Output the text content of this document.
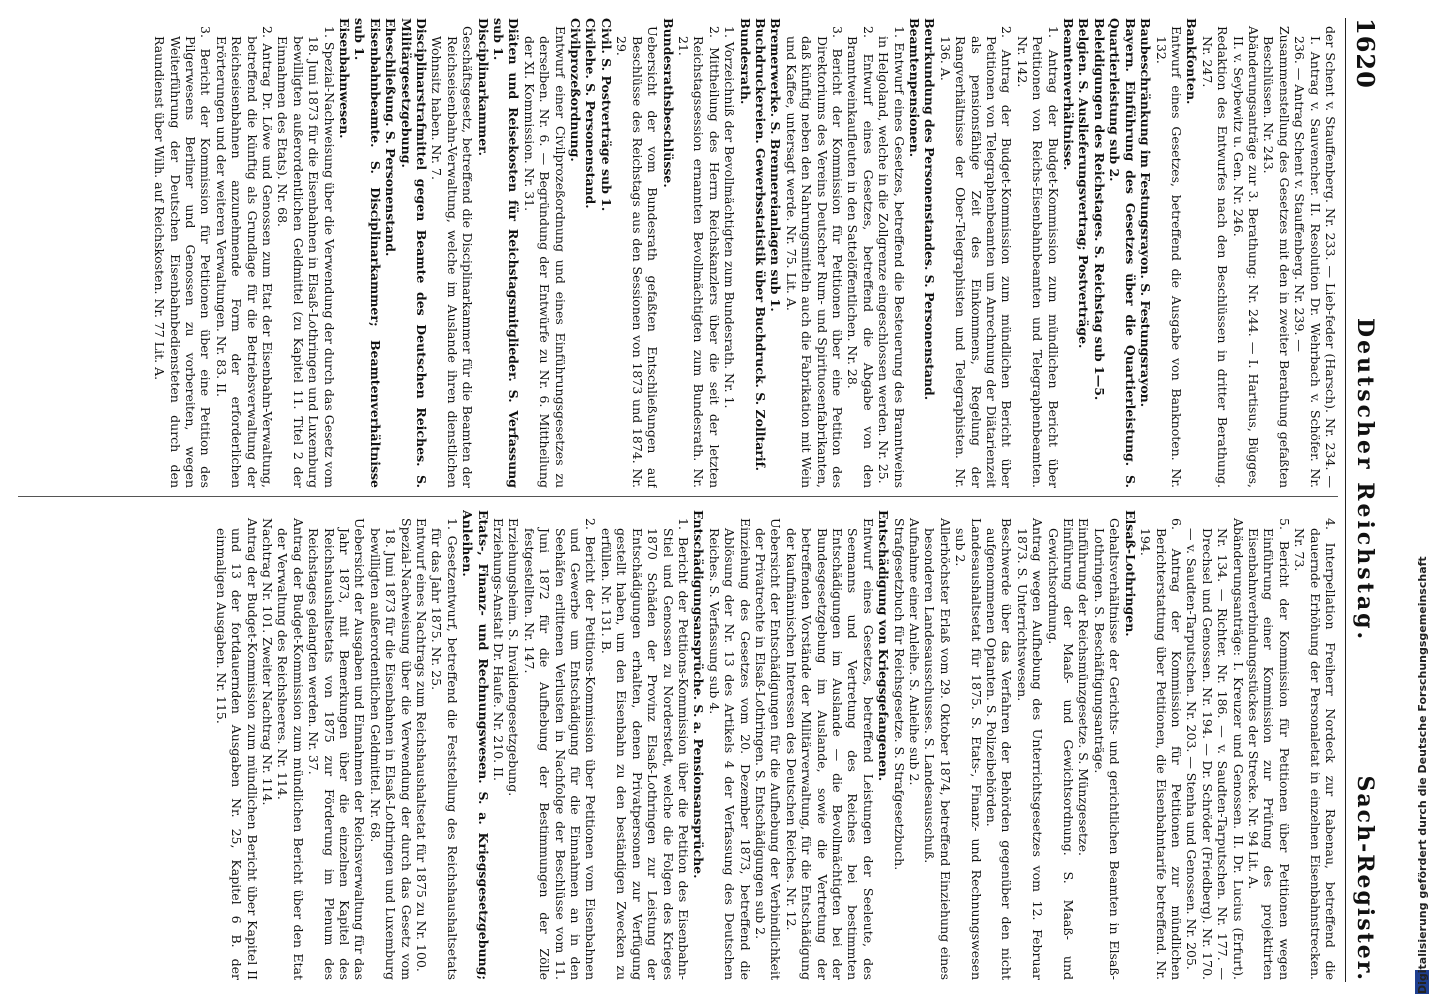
1620
Deutscher Reichstag.
Sach-Register.

der Schent v. Stauffenberg. Nr. 233. — Lieb-feder (Harsch). Nr. 234. — I. Antrag v. Sauvencher. II. Resolution Dr. Wehrbach v. Schöfer. Nr. 236. — Antrag Schent v. Stauffenberg. Nr. 239. —

Zusammenstellung des Gesetzes mit den in zweiter Berathung gefaßten Beschlüssen. Nr. 243.

Abänderungsanträge zur 3. Berathung: Nr. 244. — I. Hartisus, Bügges, II. v. Seybewitz u. Gen. Nr. 246.

Redaktion des Entwurfes nach den Beschlüssen in dritter Berathung. Nr. 247.

Bankfonten.

Entwurf eines Gesetzes, betreffend die Ausgabe von Banknoten. Nr. 132.

Baubeschränkung im Festungsrayon. S. Festungsrayon.

Bayern. Einführung des Gesetzes über die Quartierleistung. S. Quartierleistung sub 2.

Beleidigungen des Reichstages. S. Reichstag sub 1—5.

Belgien. S. Auslieferungsvertrag; Postverträge.

Beamtenverhältnisse.

1. Antrag der Budget-Kommission zum mündlichen Bericht über Petitionen von Reichs-Eisenbahnbeamten und Telegraphenbeamten. Nr. 142.

2. Antrag der Budget-Kommission zum mündlichen Bericht über Petitionen von Telegraphenbeamten um Anrechnung der Diätarienzeit als pensionsfähige Zeit des Einkommens, Regelung der Rangverhältnisse der Ober-Telegraphisten und Telegraphisten. Nr. 136. A.

Beurkundung des Personenstandes. S. Personenstand.

Beamtenpensionen.

1. Entwurf eines Gesetzes, betreffend die Besteuerung des Branntweins in Helgoland, welche in die Zollgrenze eingeschlossen werden. Nr. 25.

2. Entwurf eines Gesetzes, betreffend die Abgabe von den Branntweinkaufleuten in den Sattelöffentlichen. Nr. 28.

3. Bericht der Kommission für Petitionen über eine Petition des Direktoriums des Vereins Deutscher Rum- und Spirituosenfabrikanten, daß künftig neben den Nahrungsmitteln auch die Fabrikation mit Wein und Kaffee, untersagt werde. Nr. 75. Lit. A.

Bremerwerke. S. Brennereianlagen sub 1.

Buchdruckereien. Gewerbsstatistik über Buchdruck. S. Zolltarif.

Bundesrath.

1. Vorzeichniß der Bevollmächtigten zum Bundesrath. Nr. 1.

2. Mittheilung des Herrn Reichskanzlers über die seit der letzten Reichstagssession ernannten Bevollmächtigten zum Bundesrath. Nr. 21.

Bundesrathsbeschlüsse.

Uebersicht der vom Bundesrath gefaßten Entschließungen auf Beschlüsse des Reichstags aus den Sessionen von 1873 und 1874. Nr. 29.

Civil. S. Postverträge sub 1.

Civilehe. S. Personenstand.

Civilprozeßordnung.

Entwurf einer Civilprozeßordnung und eines Einführungsgesetzes zu derselben. Nr. 6. — Begründung der Entwürfe zu Nr. 6. Mittheilung der XI. Kommission. Nr. 31.

Diäten und Reisekosten für Reichstagsmitglieder. S. Verfassung sub 1.

Disciplinarkammer.

Geschäftsgesetz, betreffend die Disciplinarkammer für die Beamten der Reichseisenbahn-Verwaltung, welche im Auslande ihren dienstlichen Wohnsitz haben. Nr. 7.

Disciplinarstrafmittel gegen Beamte des Deutschen Reiches. S. Militärgesetzgebung.

Eheschließung. S. Personenstand.

Eisenbahnbeamte. S. Disciplinarkammer; Beamtenverhältnisse sub 1.

Eisenbahnwesen.

1. Spezial-Nachweisung über die Verwendung der durch das Gesetz vom 18. Juni 1873 für die Eisenbahnen in Elsaß-Lothringen und Luxemburg bewilligten außerordentlichen Geldmittel (zu Kapitel 11. Titel 2 der Einnahmen des Etats). Nr. 68.

2. Antrag Dr. Löwe und Genossen zum Etat der Eisenbahn-Verwaltung, betreffend die künftig als Grundlage für die Betriebsverwaltung der Reichseisenbahnen anzunehmende Form der erforderlichen Erörterungen und der weiteren Verwaltungen. Nr. 83. II.

3. Bericht der Kommission für Petitionen über eine Petition des Pilgerwesens Berliner und Genossen zu vorbereiten, wegen Weiterführung der Deutschen Eisenbahnbediensteten durch den Raundienst über Wilh. auf Reichskosten. Nr. 77 Lit. A.

4. Interpellation Freiherr Nordeck zur Rabenau, betreffend die dauernde Erhöhung der Personaletat in einzelnen Eisenbahnstrecken. Nr. 73.

5. Bericht der Kommission für Petitionen über Petitionen wegen Einführung einer Kommission zur Prüfung des projektirten Eisenbahnverbindungsstückes der Strecke. Nr. 94 Lit. A.

Abänderungsanträge: I. Kreuzer und Genossen. II. Dr. Lucius (Erfurt). Nr. 134. — Richter. Nr. 186. — v. Saudten-Tarputschen. Nr. 177. — Drechsel und Genossen. Nr. 194. — Dr. Schröder (Friedberg). Nr. 170. — v. Saudten-Tarputschen. Nr. 203. — Stenha und Genossen. Nr. 205.

6. Antrag der Kommission für Petitionen zur mündlichen Berichterstattung über Petitionen, die Eisenbahntarife betreffend. Nr. 194.

Elsaß-Lothringen.

Gehaltsverhältnisse der Gerichts- und gerichtlichen Beamten in Elsaß-Lothringen. S. Beschäftigungsanträge.

Einführung der Reichsmünzgesetze. S. Münzgesetze.

Einführung der Maaß- und Gewichtsordnung. S. Maaß- und Gewichtsordnung.

Antrag wegen Aufhebung des Unterrichtsgesetzes vom 12. Februar 1873. S. Unterrichtswesen.

Beschwerde über das Verfahren der Behörden gegenüber den nicht aufgenommenen Optanten. S. Polizeibehörden.

Landesaushaltsetat für 1875. S. Etats-, Finanz- und Rechnungswesen sub 2.

Allerhöchster Erlaß vom 29. Oktober 1874, betreffend Einziehung eines besonderen Landesausschusses. S. Landesausschuß.

Aufnahme einer Anleihe. S. Anleihe sub 2.

Strafgesetzbuch für Reichsgesetze. S. Strafgesetzbuch.

Entschädigung von Kriegsgefangenen.

Entwurf eines Gesetzes, betreffend Leistungen der Seeleute, des Seemanns und Vertretung des Reiches bei bestimmten Entschädigungen im Auslande — die Bevollmächtigten bei der Bundesgesetzgebung im Auslande, sowie die Vertretung der betreffenden Vorstände der Militärverwaltung, für die Entschädigung der kaufmännischen Interessen des Deutschen Reiches. Nr. 12.

Uebersicht der Entschädigungen für die Aufhebung der Verbindlichkeit der Privatrechte in Elsaß-Lothringen. S. Entschädigungen sub 2.

Einziehung des Gesetzes vom 20. Dezember 1873, betreffend die Ablösung der Nr. 13 des Artikels 4 der Verfassung des Deutschen Reiches. S. Verfassung sub 4.

Entschädigungsansprüche. S. a. Pensionsansprüche.

1. Bericht der Petitions-Kommission über die Petition des Eisenbahn-Stiel und Genossen zu Norderstedt, welche die Folgen des Krieges 1870 Schäden der Provinz Elsaß-Lothringen zur Leistung der Entschädigungen erhalten, denen Privatpersonen zur Verfügung gestellt haben, um den Eisenbahn zu den beständigen Zwecken zu erfüllen. Nr. 131. B.

2. Bericht der Petitions-Kommission über Petitionen vom Eisenbahnen und Gewerbe um Entschädigung für die Einnahmen an in den Seehäfen erlittenen Verlusten in Nachfolge der Beschlüsse vom 11. Juni 1872 für die Aufhebung der Bestimmungen der Zölle festgestellten. Nr. 147.

Erziehungsheim. S. Invalidengesetzgebung.

Erziehungs-Anstalt Dr. Haufe. Nr. 210. II.

Etats-, Finanz- und Rechnungswesen. S. a. Kriegsgesetzgebung; Anleihen.

1. Gesetzentwurf, betreffend die Feststellung des Reichshaushaltsetats für das Jahr 1875. Nr. 25.

Entwurf eines Nachtrags zum Reichshaushaltsetat für 1875 zu Nr. 100.

Spezial-Nachweisung über die Verwendung der durch das Gesetz vom 18. Juni 1873 für die Eisenbahnen in Elsaß-Lothringen und Luxemburg bewilligten außerordentlichen Geldmittel. Nr. 68.

Uebersicht der Ausgaben und Einnahmen der Reichsverwaltung für das Jahr 1873, mit Bemerkungen über die einzelnen Kapitel des Reichshaushaltsetats von 1875 zur Förderung im Plenum des Reichstages gelangten werden. Nr. 37.

Antrag der Budget-Kommission zum mündlichen Bericht über den Etat der Verwaltung des Reichsheeres. Nr. 114.

Nachtrag Nr. 101. Zweiter Nachtrag Nr. 114.

Antrag der Budget-Kommission zum mündlichen Bericht über Kapitel II und 13 der fortdauernden Ausgaben Nr. 25, Kapitel 6 B. der einmaligen Ausgaben. Nr. 115.	Digitalisierung gefördert durch die Deutsche Forschungsgemeinschaft
